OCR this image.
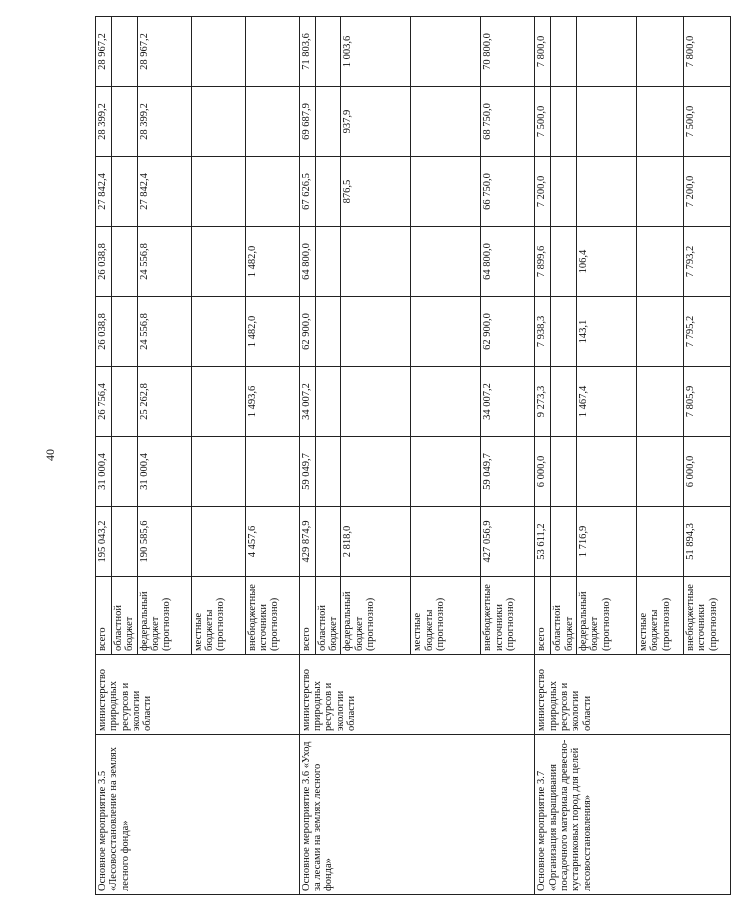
40
Основное мероприятие 3.5 «Лесовосстановление на землях лесного фонда»	министерство природных ресурсов и экологии области	всего	195 043,2	31 000,4	26 756,4	26 038,8	26 038,8	27 842,4	28 399,2	28 967,2
		областной бюджет								
		федеральный бюджет (прогнозно)	190 585,6	31 000,4	25 262,8	24 556,8	24 556,8	27 842,4	28 399,2	28 967,2
		местные бюджеты (прогнозно)								
		внебюджетные источники (прогнозно)	4 457,6		1 493,6	1 482,0	1 482,0			
Основное мероприятие 3.6 «Уход за лесами на землях лесного фонда»	министерство природных ресурсов и экологии области	всего	429 874,9	59 049,7	34 007,2	62 900,0	64 800,0	67 626,5	69 687,9	71 803,6
		областной бюджет								
		федеральный бюджет (прогнозно)	2 818,0					876,5	937,9	1 003,6
		местные бюджеты (прогнозно)								
		внебюджетные источники (прогнозно)	427 056,9	59 049,7	34 007,2	62 900,0	64 800,0	66 750,0	68 750,0	70 800,0
Основное мероприятие 3.7 «Организация выращивания посадочного материала древесно-кустарниковых пород для целей лесовосстановления»	министерство природных ресурсов и экологии области	всего	53 611,2	6 000,0	9 273,3	7 938,3	7 899,6	7 200,0	7 500,0	7 800,0
		областной бюджет								
		федеральный бюджет (прогнозно)	1 716,9		1 467,4	143,1	106,4			
		местные бюджеты (прогнозно)								
		внебюджетные источники (прогнозно)	51 894,3	6 000,0	7 805,9	7 795,2	7 793,2	7 200,0	7 500,0	7 800,0
